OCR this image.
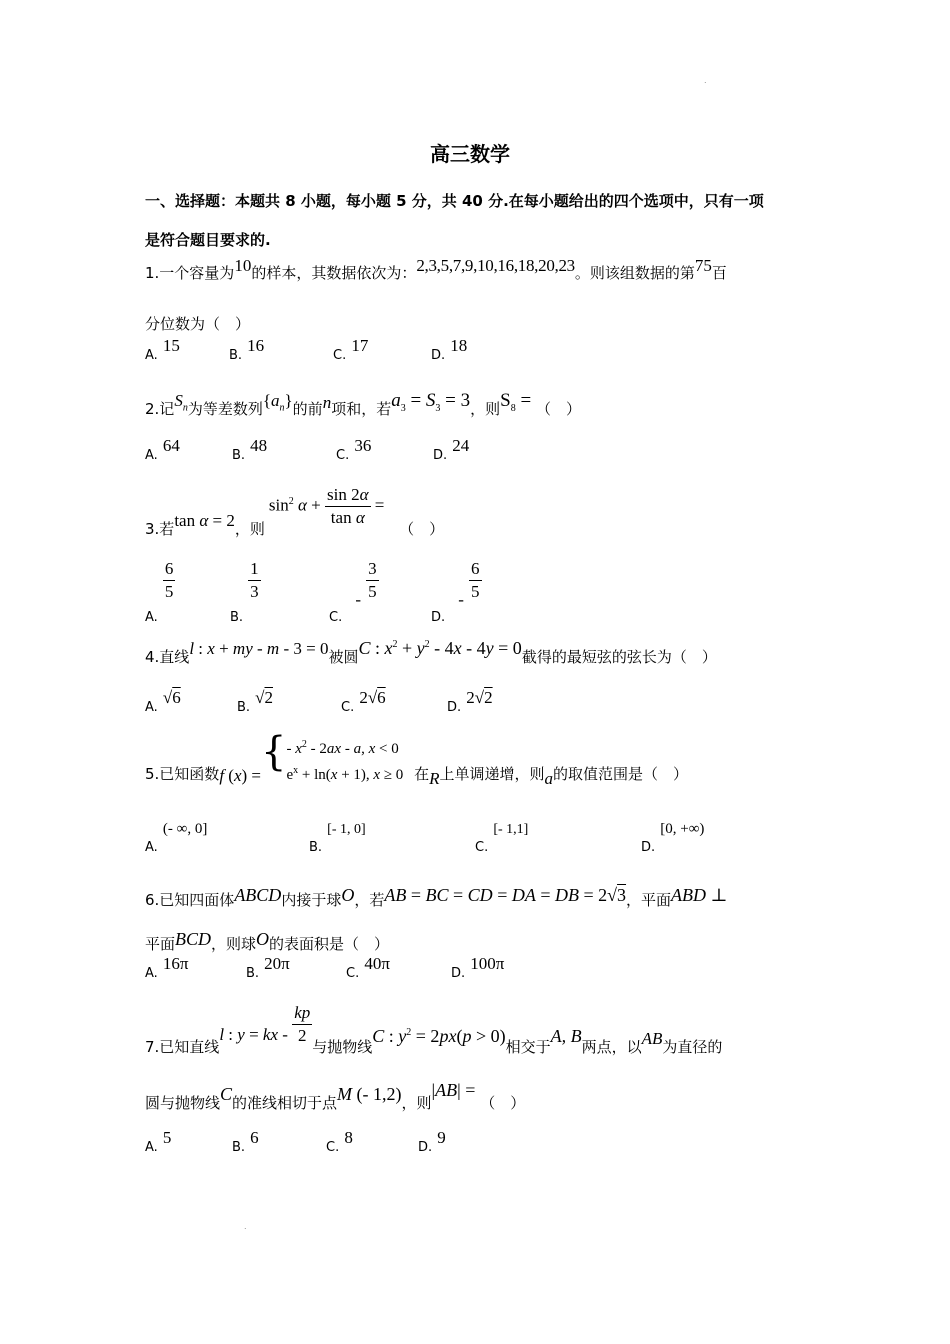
.
.
高三数学
一、选择题：本题共 8 小题，每小题 5 分，共 40 分.在每小题给出的四个选项中，只有一项
是符合题目要求的.
1.一个容量为10的样本，其数据依次为：2,3,5,7,9,10,16,18,20,23。则该组数据的第75百
分位数为（　）
$_{A.}$ 15
$_{B.}$ 16
$_{C.}$ 17
$_{D.}$ 18
2.记$S_n$为等差数列$\{a_n\}$的前n项和，若$a_3 = S_3 = 3$，则$S_8$ = （　）
$_{A.}$ 64
$_{B.}$ 48
$_{C.}$ 36
$_{D.}$ 24
3.若tan α = 2，则$\sin^2 \alpha + \frac{\sin 2\alpha}{\text{tan α}}$ = （　）
$_{A.}$
$\frac{6}{5}$
$_{B.}$
$\frac{1}{3}$
$_{C.} - \frac{3}{5}$
$_{D.} - \frac{6}{5}$
4.直线l : x + my - m - 3 = 0被圆C : $x^2 + y^2 - 4x - 4y = 0$截得的最短弦的弦长为（　）
$_{A.}$ √6
$_{B.}$ √2
$_{C.}$ 2√6
$_{D.}$ 2√2
5.已知函数f (x) ={- $x^2 - 2ax$ - a, x < 0
$e^x + \ln(x + 1)$, x ≥ 0 在R上单调递增，则a的取值范围是（　）
$_{A.}$ (- ∞, 0]
$_{B.}$ [- 1, 0]
$_{C.}$ [- 1,1]
$_{D.}$ [0, +∞)
6.已知四面体ABCD内接于球O，若AB = BC = CD = DA = DB = 2√3，平面ABD ⊥
平面BCD，则球O的表面积是（　）
$_{A.}$ 16π
$_{B.}$ 20π
$_{C.}$ 40π
$_{D.}$ 100π
7.已知直线l : y = kx - $\frac{kp}{2}$ 与抛物线C : $y^2 = 2px(p > 0)$相交于A, B两点，以AB为直径的
圆与抛物线C的准线相切于点M (- 1,2)，则|AB| = （　）
$_{A.}$ 5
$_{B.}$ 6
$_{C.}$ 8
$_{D.}$ 9
